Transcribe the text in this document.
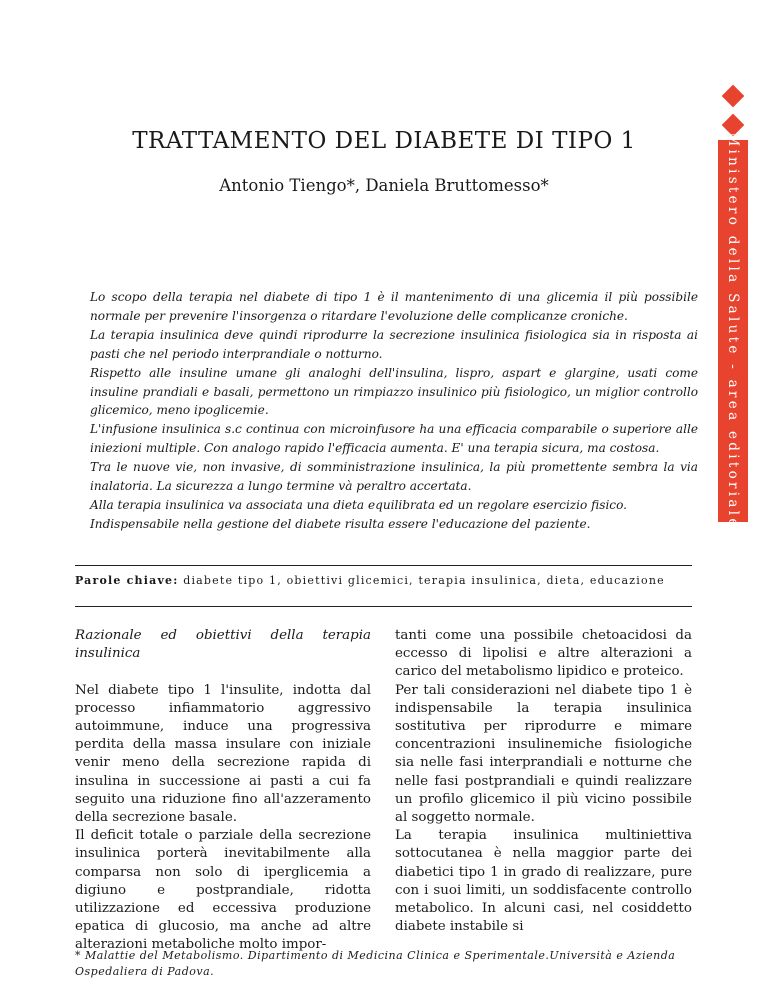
Ministero della Salute - area editoriale
TRATTAMENTO DEL DIABETE DI TIPO 1
Antonio Tiengo*, Daniela Bruttomesso*

Lo scopo della terapia nel diabete di tipo 1 è il mantenimento di una glicemia il più possibile normale per prevenire l'insorgenza o ritardare l'evoluzione delle complicanze croniche.

La terapia insulinica deve quindi riprodurre la secrezione insulinica fisiologica sia in risposta ai pasti che nel periodo interprandiale o notturno.

Rispetto alle insuline umane gli analoghi dell'insulina, lispro, aspart e glargine, usati come insuline prandiali e basali, permettono un rimpiazzo insulinico più fisiologico, un miglior controllo glicemico, meno ipoglicemie.

L'infusione insulinica s.c continua con microinfusore ha una efficacia comparabile o superiore alle iniezioni multiple. Con analogo rapido l'efficacia aumenta. E' una terapia sicura, ma costosa.

Tra le nuove vie, non invasive, di somministrazione insulinica, la più promettente sembra la via inalatoria. La sicurezza a lungo termine và peraltro accertata.

Alla terapia insulinica va associata una dieta equilibrata ed un regolare esercizio fisico.

Indispensabile nella gestione del diabete risulta essere l'educazione del paziente.

Parole chiave: diabete tipo 1, obiettivi glicemici, terapia insulinica, dieta, educazione

Razionale ed obiettivi della terapia insulinica

Nel diabete tipo 1 l'insulite, indotta dal processo infiammatorio aggressivo autoimmune, induce una progressiva perdita della massa insulare con iniziale venir meno della secrezione rapida di insulina in successione ai pasti a cui fa seguito una riduzione fino all'azzeramento della secrezione basale.

Il deficit totale o parziale della secrezione insulinica porterà inevitabilmente alla comparsa non solo di iperglicemia a digiuno e postprandiale, ridotta utilizzazione ed eccessiva produzione epatica di glucosio, ma anche ad altre alterazioni metaboliche molto impor-

tanti come una possibile chetoacidosi da eccesso di lipolisi e altre alterazioni a carico del metabolismo lipidico e proteico.

Per tali considerazioni nel diabete tipo 1 è indispensabile la terapia insulinica sostitutiva per riprodurre e mimare concentrazioni insulinemiche fisiologiche sia nelle fasi interprandiali e notturne che nelle fasi postprandiali e quindi realizzare un profilo glicemico il più vicino possibile al soggetto normale.

La terapia insulinica multiniettiva sottocutanea è nella maggior parte dei diabetici tipo 1 in grado di realizzare, pure con i suoi limiti, un soddisfacente controllo metabolico. In alcuni casi, nel cosiddetto diabete instabile si

* Malattie del Metabolismo. Dipartimento di Medicina Clinica e Sperimentale.Università e Azienda Ospedaliera di Padova.
